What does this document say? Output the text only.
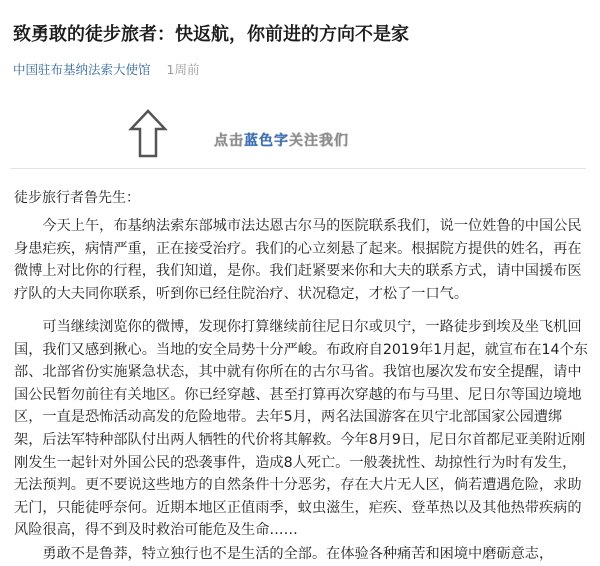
致勇敢的徒步旅者：快返航，你前进的方向不是家
中国驻布基纳法索大使馆 1周前
点击蓝色字关注我们
徒步旅行者鲁先生：

今天上午，布基纳法索东部城市法达恩古尔马的医院联系我们，说一位姓鲁的中国公民身患疟疾，病情严重，正在接受治疗。我们的心立刻悬了起来。根据院方提供的姓名，再在微博上对比你的行程，我们知道，是你。我们赶紧要来你和大夫的联系方式，请中国援布医疗队的大夫同你联系，听到你已经住院治疗、状况稳定，才松了一口气。

可当继续浏览你的微博，发现你打算继续前往尼日尔或贝宁，一路徒步到埃及坐飞机回国，我们又感到揪心。当地的安全局势十分严峻。布政府自2019年1月起，就宣布在14个东部、北部省份实施紧急状态，其中就有你所在的古尔马省。我馆也屡次发布安全提醒，请中国公民暂勿前往有关地区。你已经穿越、甚至打算再次穿越的布与马里、尼日尔等国边境地区，一直是恐怖活动高发的危险地带。去年5月，两名法国游客在贝宁北部国家公园遭绑架，后法军特种部队付出两人牺牲的代价将其解救。今年8月9日，尼日尔首都尼亚美附近刚刚发生一起针对外国公民的恐袭事件，造成8人死亡。一般袭扰性、劫掠性行为时有发生，无法预判。更不要说这些地方的自然条件十分恶劣，存在大片无人区，倘若遭遇危险，求助无门，只能徒呼奈何。近期本地区正值雨季，蚊虫滋生，疟疾、登革热以及其他热带疾病的风险很高，得不到及时救治可能危及生命……

勇敢不是鲁莽，特立独行也不是生活的全部。在体验各种痛苦和困境中磨砺意志，
